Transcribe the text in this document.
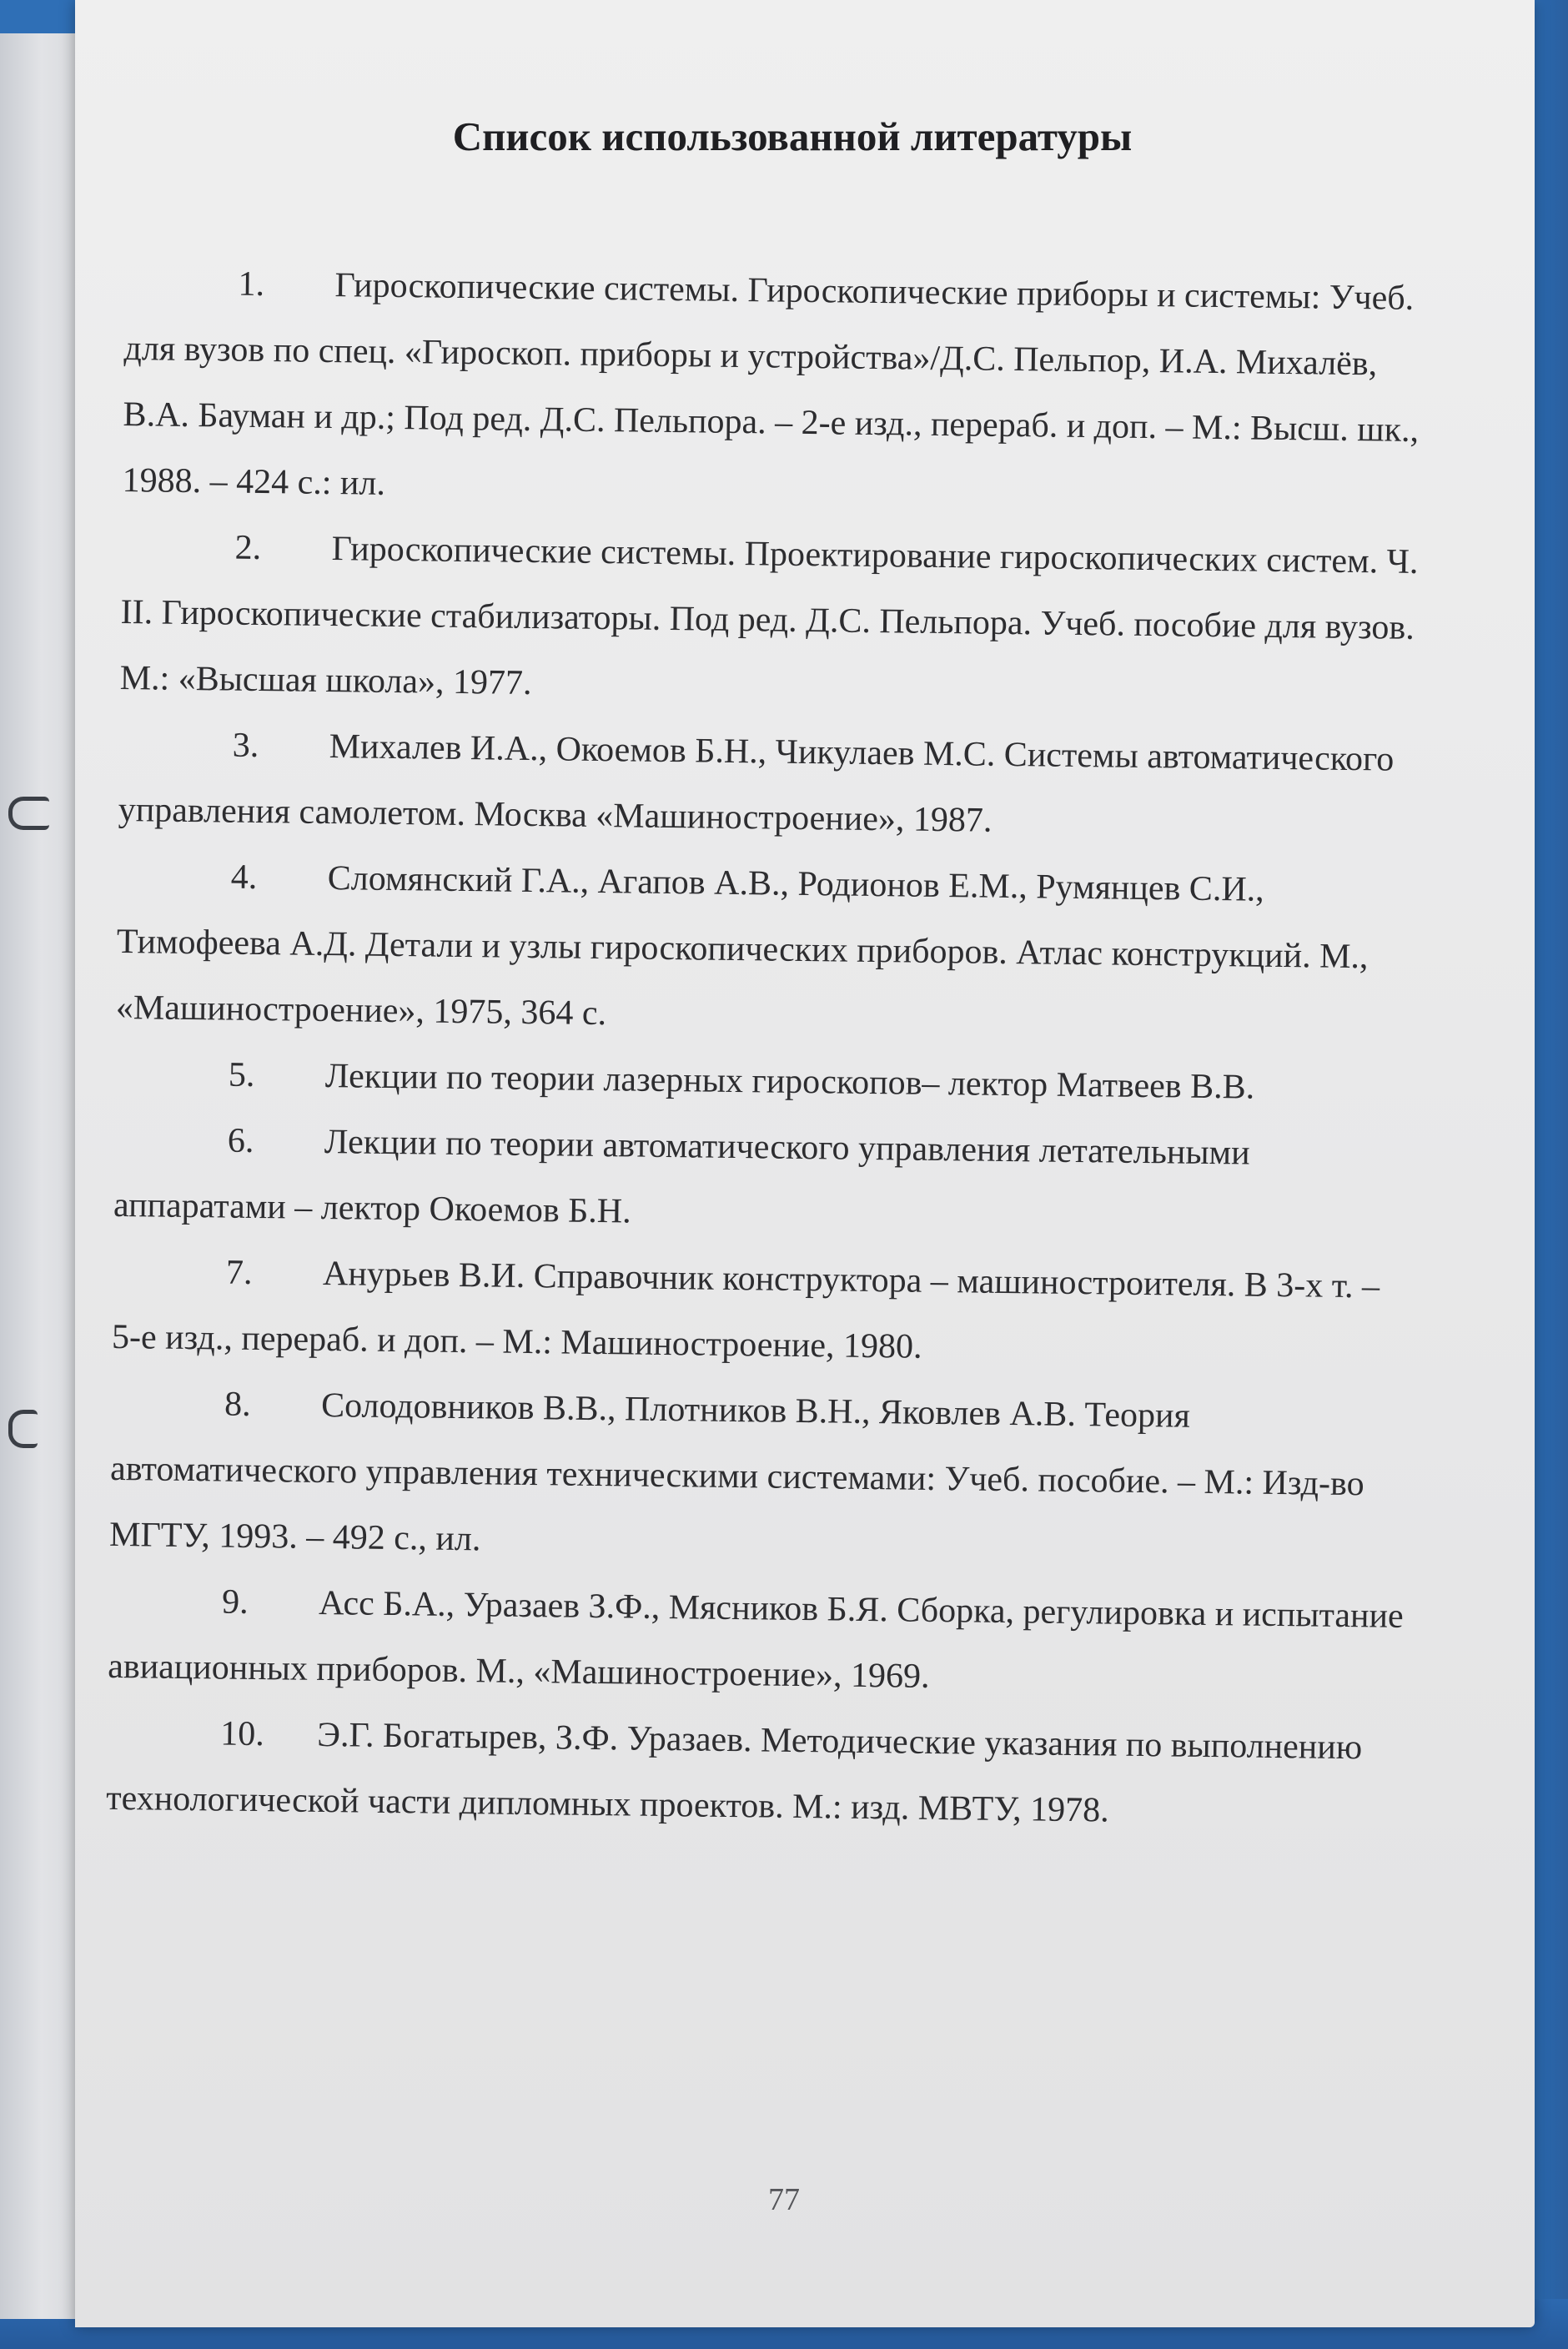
Список использованной литературы
1. Гироскопические системы. Гироскопические приборы и системы: Учеб. для вузов по спец. «Гироскоп. приборы и устройства»/Д.С. Пельпор, И.А. Михалёв, В.А. Бауман и др.; Под ред. Д.С. Пельпора. – 2-е изд., перераб. и доп. – М.: Высш. шк., 1988. – 424 с.: ил.
2. Гироскопические системы. Проектирование гироскопических систем. Ч. II. Гироскопические стабилизаторы. Под ред. Д.С. Пельпора. Учеб. пособие для вузов. М.: «Высшая школа», 1977.
3. Михалев И.А., Окоемов Б.Н., Чикулаев М.С. Системы автоматического управления самолетом. Москва «Машиностроение», 1987.
4. Сломянский Г.А., Агапов А.В., Родионов Е.М., Румянцев С.И., Тимофеева А.Д. Детали и узлы гироскопических приборов. Атлас конструкций. М., «Машиностроение», 1975, 364 с.
5. Лекции по теории лазерных гироскопов– лектор Матвеев В.В.
6. Лекции по теории автоматического управления летательными аппаратами – лектор Окоемов Б.Н.
7. Анурьев В.И. Справочник конструктора – машиностроителя. В 3-х т. – 5-е изд., перераб. и доп. – М.: Машиностроение, 1980.
8. Солодовников В.В., Плотников В.Н., Яковлев А.В. Теория автоматического управления техническими системами: Учеб. пособие. – М.: Изд-во МГТУ, 1993. – 492 с., ил.
9. Асс Б.А., Уразаев З.Ф., Мясников Б.Я. Сборка, регулировка и испытание авиационных приборов. М., «Машиностроение», 1969.
10. Э.Г. Богатырев, З.Ф. Уразаев. Методические указания по выполнению технологической части дипломных проектов. М.: изд. МВТУ, 1978.
77
